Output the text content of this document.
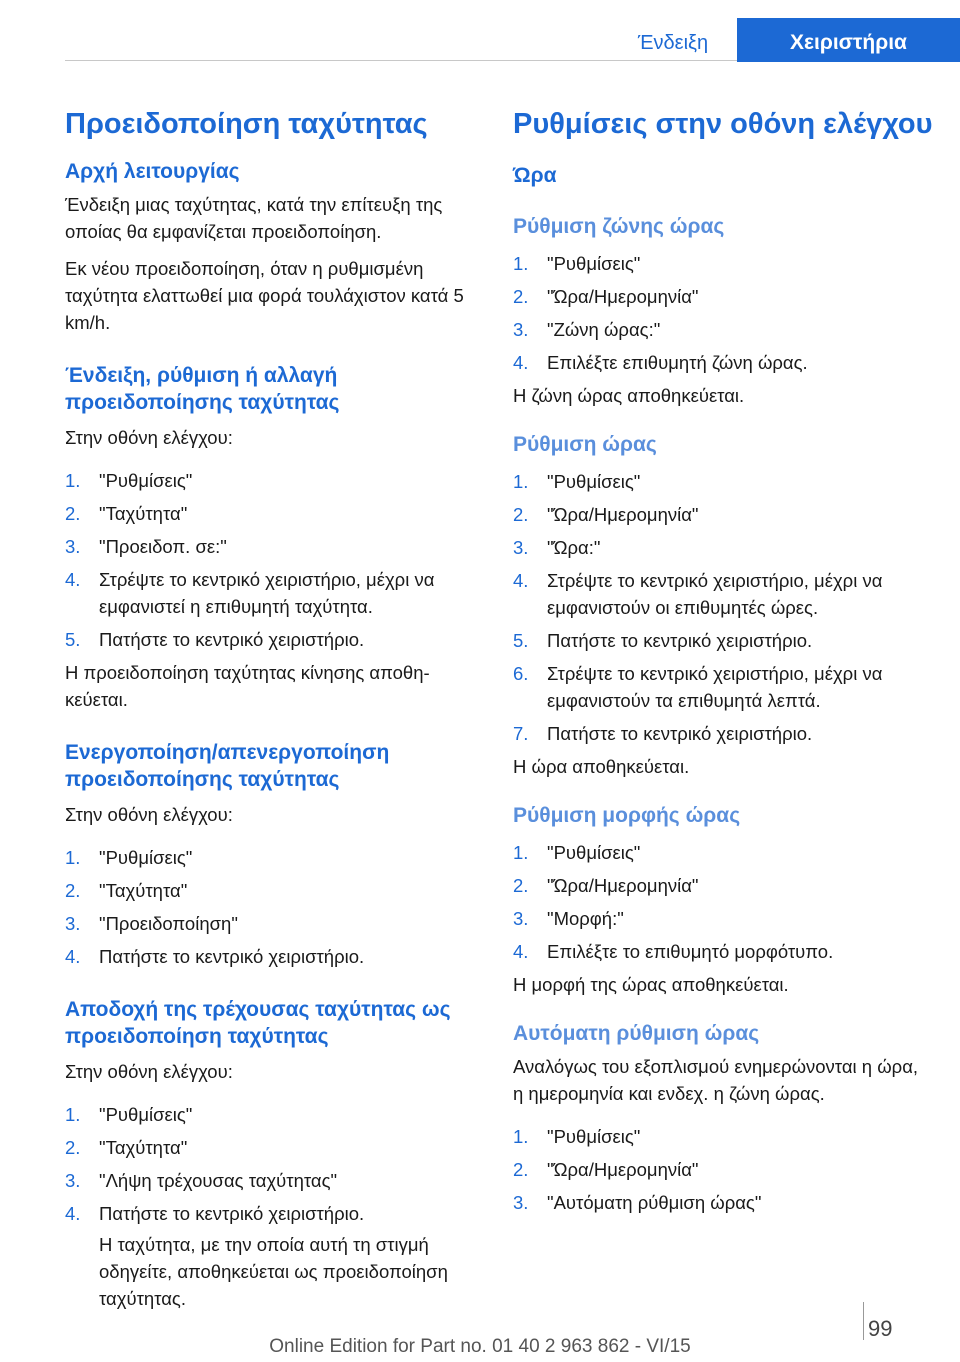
Ένδειξη	Χειριστήρια
Προειδοποίηση ταχύτητας
Αρχή λειτουργίας

Ένδειξη μιας ταχύτητας, κατά την επίτευξη της οποίας θα εμφανίζεται προειδοποίηση.

Εκ νέου προειδοποίηση, όταν η ρυθμισμένη ταχύτητα ελαττωθεί μια φορά τουλάχιστον κατά 5 km/h.

Ένδειξη, ρύθμιση ή αλλαγή προειδοποίησης ταχύτητας

Στην οθόνη ελέγχου:

1. "Ρυθμίσεις"
2. "Ταχύτητα"
3. "Προειδοπ. σε:"
4. Στρέψτε το κεντρικό χειριστήριο, μέχρι να εμφανιστεί η επιθυμητή ταχύτητα.
5. Πατήστε το κεντρικό χειριστήριο.

Η προειδοποίηση ταχύτητας κίνησης αποθη‐κεύεται.

Ενεργοποίηση/απενεργοποίηση προειδοποίησης ταχύτητας

Στην οθόνη ελέγχου:

1. "Ρυθμίσεις"
2. "Ταχύτητα"
3. "Προειδοποίηση"
4. Πατήστε το κεντρικό χειριστήριο.
Αποδοχή της τρέχουσας ταχύτητας ως προειδοποίηση ταχύτητας

Στην οθόνη ελέγχου:

1. "Ρυθμίσεις"
2. "Ταχύτητα"
3. "Λήψη τρέχουσας ταχύτητας"
4. Πατήστε το κεντρικό χειριστήριο.
Η ταχύτητα, με την οποία αυτή τη στιγμή οδηγείτε, αποθηκεύεται ως προειδοποίηση ταχύτητας.
Ρυθμίσεις στην οθόνη ελέγχου
Ώρα
Ρύθμιση ζώνης ώρας
1. "Ρυθμίσεις"
2. "Ώρα/Ημερομηνία"
3. "Ζώνη ώρας:"
4. Επιλέξτε επιθυμητή ζώνη ώρας.

Η ζώνη ώρας αποθηκεύεται.

Ρύθμιση ώρας
1. "Ρυθμίσεις"
2. "Ώρα/Ημερομηνία"
3. "Ώρα:"
4. Στρέψτε το κεντρικό χειριστήριο, μέχρι να εμφανιστούν οι επιθυμητές ώρες.
5. Πατήστε το κεντρικό χειριστήριο.
6. Στρέψτε το κεντρικό χειριστήριο, μέχρι να εμφανιστούν τα επιθυμητά λεπτά.
7. Πατήστε το κεντρικό χειριστήριο.

Η ώρα αποθηκεύεται.

Ρύθμιση μορφής ώρας
1. "Ρυθμίσεις"
2. "Ώρα/Ημερομηνία"
3. "Μορφή:"
4. Επιλέξτε το επιθυμητό μορφότυπο.

Η μορφή της ώρας αποθηκεύεται.

Αυτόματη ρύθμιση ώρας

Αναλόγως του εξοπλισμού ενημερώνονται η ώρα, η ημερομηνία και ενδεχ. η ζώνη ώρας.

1. "Ρυθμίσεις"
2. "Ώρα/Ημερομηνία"
3. "Αυτόματη ρύθμιση ώρας"
99
Online Edition for Part no. 01 40 2 963 862 - VI/15
